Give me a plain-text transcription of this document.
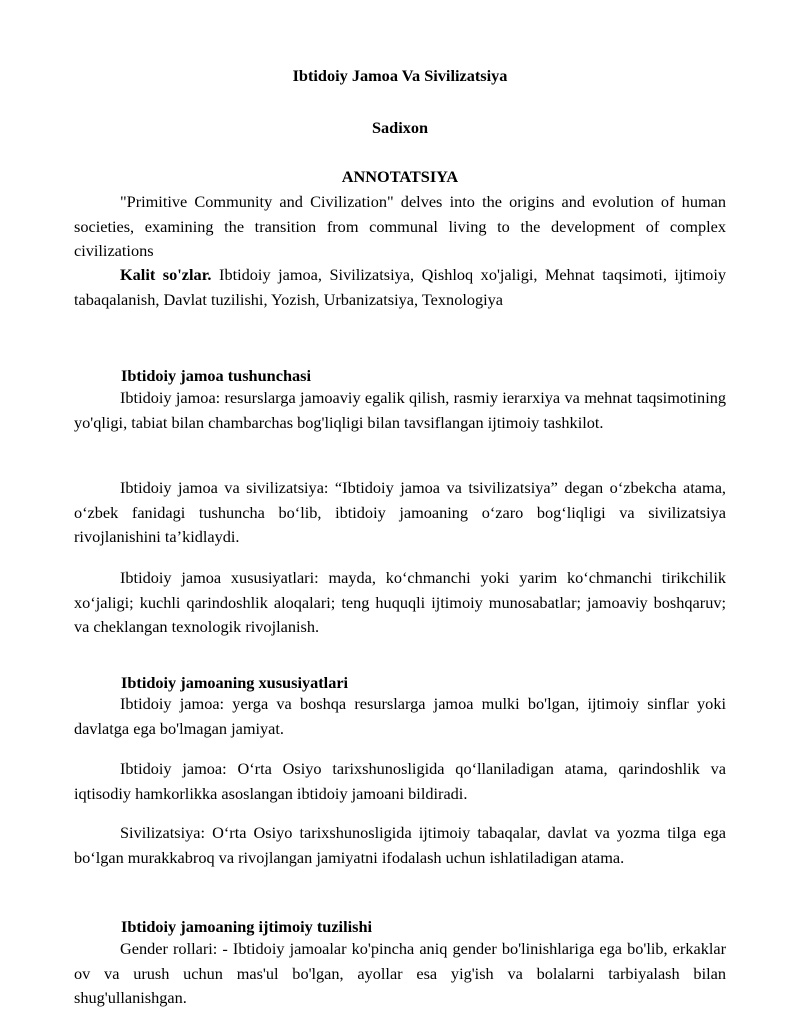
Ibtidoiy Jamoa Va Sivilizatsiya

Sadixon

ANNOTATSIYA

"Primitive Community and Civilization" delves into the origins and evolution of human societies, examining the transition from communal living to the development of complex civilizations

Kalit so'zlar. Ibtidoiy jamoa, Sivilizatsiya, Qishloq xo'jaligi, Mehnat taqsimoti, ijtimoiy tabaqalanish, Davlat tuzilishi, Yozish, Urbanizatsiya, Texnologiya

Ibtidoiy jamoa tushunchasi

Ibtidoiy jamoa: resurslarga jamoaviy egalik qilish, rasmiy ierarxiya va mehnat taqsimotining yo'qligi, tabiat bilan chambarchas bog'liqligi bilan tavsiflangan ijtimoiy tashkilot.

Ibtidoiy jamoa va sivilizatsiya: “Ibtidoiy jamoa va tsivilizatsiya” degan o‘zbekcha atama, o‘zbek fanidagi tushuncha bo‘lib, ibtidoiy jamoaning o‘zaro bog‘liqligi va sivilizatsiya rivojlanishini ta’kidlaydi.

Ibtidoiy jamoa xususiyatlari: mayda, ko‘chmanchi yoki yarim ko‘chmanchi tirikchilik xo‘jaligi; kuchli qarindoshlik aloqalari; teng huquqli ijtimoiy munosabatlar; jamoaviy boshqaruv; va cheklangan texnologik rivojlanish.

Ibtidoiy jamoaning xususiyatlari

Ibtidoiy jamoa: yerga va boshqa resurslarga jamoa mulki bo'lgan, ijtimoiy sinflar yoki davlatga ega bo'lmagan jamiyat.

Ibtidoiy jamoa: O‘rta Osiyo tarixshunosligida qo‘llaniladigan atama, qarindoshlik va iqtisodiy hamkorlikka asoslangan ibtidoiy jamoani bildiradi.

Sivilizatsiya: O‘rta Osiyo tarixshunosligida ijtimoiy tabaqalar, davlat va yozma tilga ega bo‘lgan murakkabroq va rivojlangan jamiyatni ifodalash uchun ishlatiladigan atama.

Ibtidoiy jamoaning ijtimoiy tuzilishi

Gender rollari: - Ibtidoiy jamoalar ko'pincha aniq gender bo'linishlariga ega bo'lib, erkaklar ov va urush uchun mas'ul bo'lgan, ayollar esa yig'ish va bolalarni tarbiyalash bilan shug'ullanishgan.
